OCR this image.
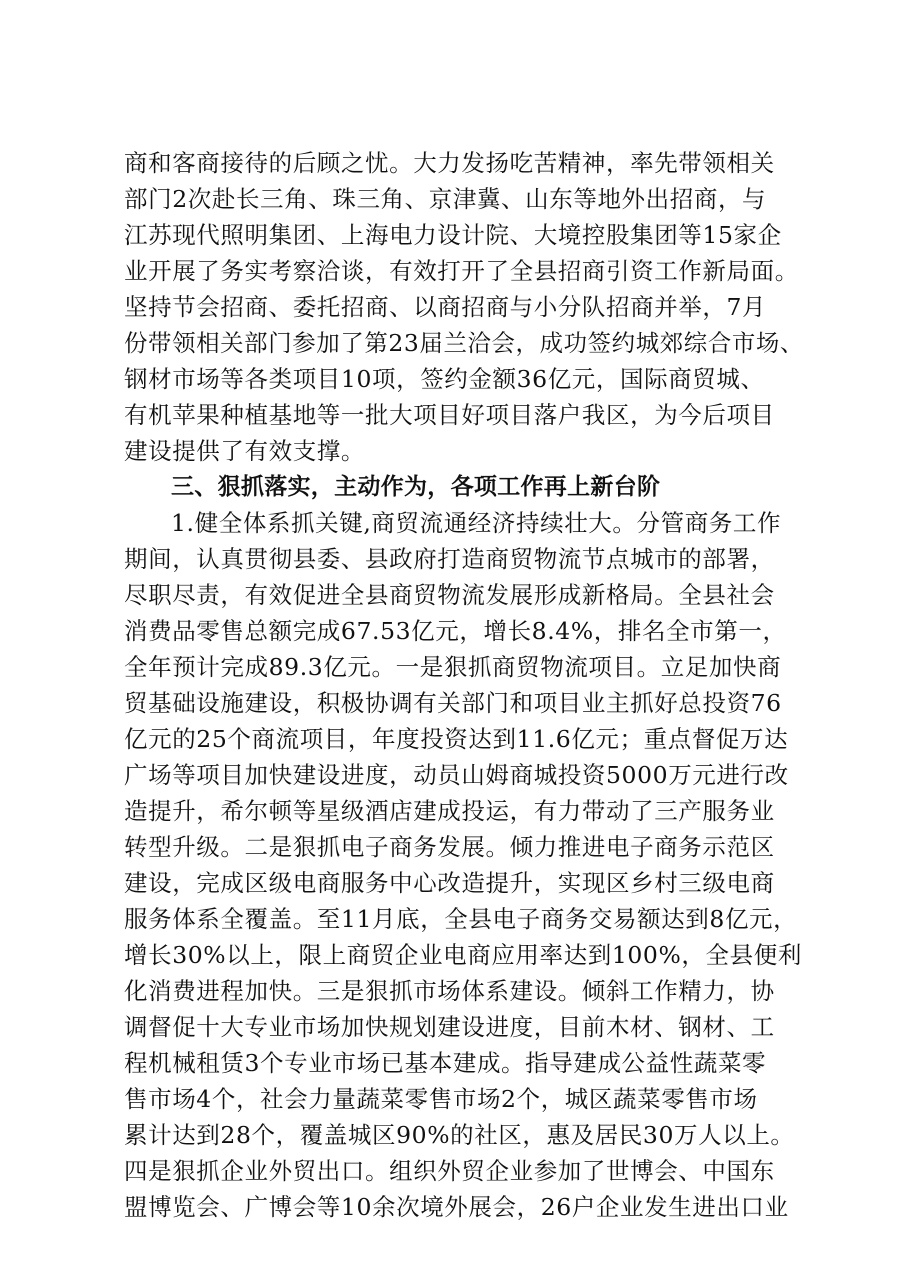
商和客商接待的后顾之忧。大力发扬吃苦精神，率先带领相关
部门2次赴长三角、珠三角、京津冀、山东等地外出招商，与
江苏现代照明集团、上海电力设计院、大境控股集团等15家企
业开展了务实考察洽谈，有效打开了全县招商引资工作新局面。
坚持节会招商、委托招商、以商招商与小分队招商并举，7月
份带领相关部门参加了第23届兰洽会，成功签约城郊综合市场、
钢材市场等各类项目10项，签约金额36亿元，国际商贸城、
有机苹果种植基地等一批大项目好项目落户我区，为今后项目
建设提供了有效支撑。
三、狠抓落实，主动作为，各项工作再上新台阶
1.健全体系抓关键,商贸流通经济持续壮大。分管商务工作
期间，认真贯彻县委、县政府打造商贸物流节点城市的部署，
尽职尽责，有效促进全县商贸物流发展形成新格局。全县社会
消费品零售总额完成67.53亿元，增长8.4%，排名全市第一，
全年预计完成89.3亿元。一是狠抓商贸物流项目。立足加快商
贸基础设施建设，积极协调有关部门和项目业主抓好总投资76
亿元的25个商流项目，年度投资达到11.6亿元；重点督促万达
广场等项目加快建设进度，动员山姆商城投资5000万元进行改
造提升，希尔顿等星级酒店建成投运，有力带动了三产服务业
转型升级。二是狠抓电子商务发展。倾力推进电子商务示范区
建设，完成区级电商服务中心改造提升，实现区乡村三级电商
服务体系全覆盖。至11月底，全县电子商务交易额达到8亿元，
增长30%以上，限上商贸企业电商应用率达到100%，全县便利
化消费进程加快。三是狠抓市场体系建设。倾斜工作精力，协
调督促十大专业市场加快规划建设进度，目前木材、钢材、工
程机械租赁3个专业市场已基本建成。指导建成公益性蔬菜零
售市场4个，社会力量蔬菜零售市场2个，城区蔬菜零售市场
累计达到28个，覆盖城区90%的社区，惠及居民30万人以上。
四是狠抓企业外贸出口。组织外贸企业参加了世博会、中国东
盟博览会、广博会等10余次境外展会，26户企业发生进出口业
